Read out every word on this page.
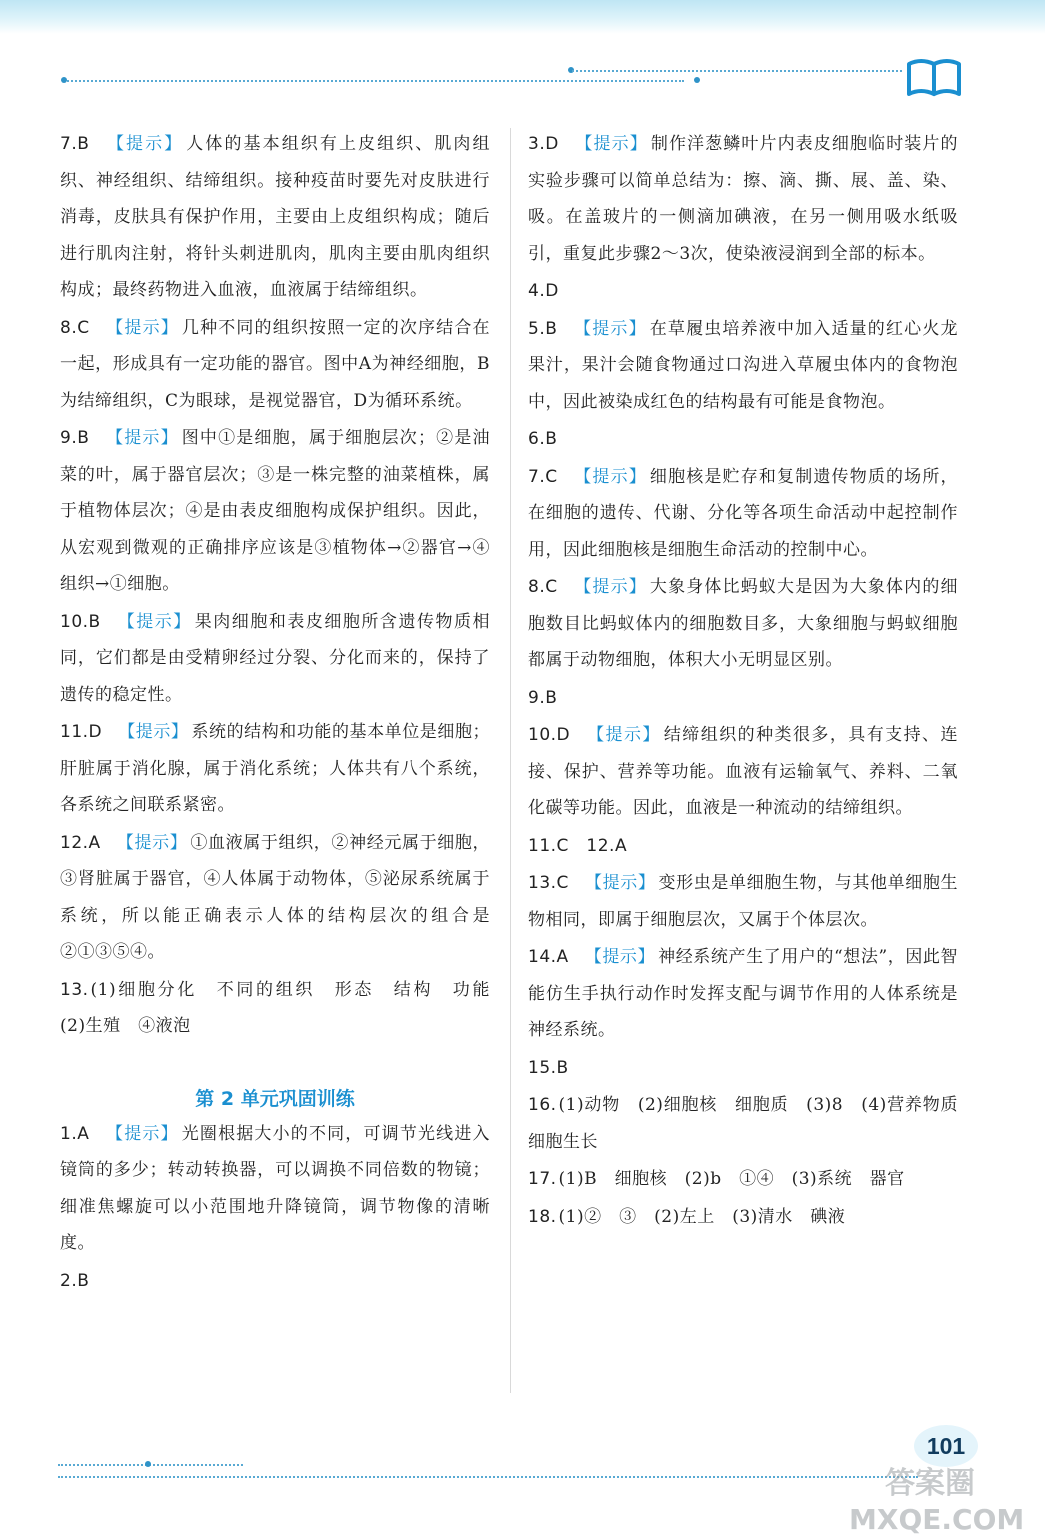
7.B 【提示】 人体的基本组织有上皮组织、肌肉组织、神经组织、结缔组织。接种疫苗时要先对皮肤进行消毒，皮肤具有保护作用，主要由上皮组织构成；随后进行肌肉注射，将针头刺进肌肉，肌肉主要由肌肉组织构成；最终药物进入血液，血液属于结缔组织。

8.C 【提示】 几种不同的组织按照一定的次序结合在一起，形成具有一定功能的器官。图中A为神经细胞，B为结缔组织，C为眼球，是视觉器官，D为循环系统。

9.B 【提示】 图中①是细胞，属于细胞层次；②是油菜的叶，属于器官层次；③是一株完整的油菜植株，属于植物体层次；④是由表皮细胞构成保护组织。因此，从宏观到微观的正确排序应该是③植物体→②器官→④组织→①细胞。

10.B 【提示】 果肉细胞和表皮细胞所含遗传物质相同，它们都是由受精卵经过分裂、分化而来的，保持了遗传的稳定性。

11.D 【提示】 系统的结构和功能的基本单位是细胞；肝脏属于消化腺，属于消化系统；人体共有八个系统，各系统之间联系紧密。

12.A 【提示】 ①血液属于组织，②神经元属于细胞，③肾脏属于器官，④人体属于动物体，⑤泌尿系统属于系统，所以能正确表示人体的结构层次的组合是②①③⑤④。

13. (1)细胞分化　不同的组织　形态　结构　功能　(2)生殖　④液泡

第 2 单元巩固训练

1.A 【提示】 光圈根据大小的不同，可调节光线进入镜筒的多少；转动转换器，可以调换不同倍数的物镜；细准焦螺旋可以小范围地升降镜筒，调节物像的清晰度。

2.B

3.D 【提示】 制作洋葱鳞叶片内表皮细胞临时装片的实验步骤可以简单总结为：擦、滴、撕、展、盖、染、吸。在盖玻片的一侧滴加碘液，在另一侧用吸水纸吸引，重复此步骤2～3次，使染液浸润到全部的标本。

4.D

5.B 【提示】 在草履虫培养液中加入适量的红心火龙果汁，果汁会随食物通过口沟进入草履虫体内的食物泡中，因此被染成红色的结构最有可能是食物泡。

6.B

7.C 【提示】 细胞核是贮存和复制遗传物质的场所，在细胞的遗传、代谢、分化等各项生命活动中起控制作用，因此细胞核是细胞生命活动的控制中心。

8.C 【提示】 大象身体比蚂蚁大是因为大象体内的细胞数目比蚂蚁体内的细胞数目多，大象细胞与蚂蚁细胞都属于动物细胞，体积大小无明显区别。

9.B

10.D 【提示】 结缔组织的种类很多，具有支持、连接、保护、营养等功能。血液有运输氧气、养料、二氧化碳等功能。因此，血液是一种流动的结缔组织。

11.C　12.A

13.C 【提示】 变形虫是单细胞生物，与其他单细胞生物相同，即属于细胞层次，又属于个体层次。

14.A 【提示】 神经系统产生了用户的“想法”，因此智能仿生手执行动作时发挥支配与调节作用的人体系统是神经系统。

15.B

16. (1)动物　(2)细胞核　细胞质　(3)8　(4)营养物质　细胞生长

17. (1)B　细胞核　(2)b　①④　(3)系统　器官

18. (1)②　③　(2)左上　(3)清水　碘液

101
答案圈
MXQE.COM
